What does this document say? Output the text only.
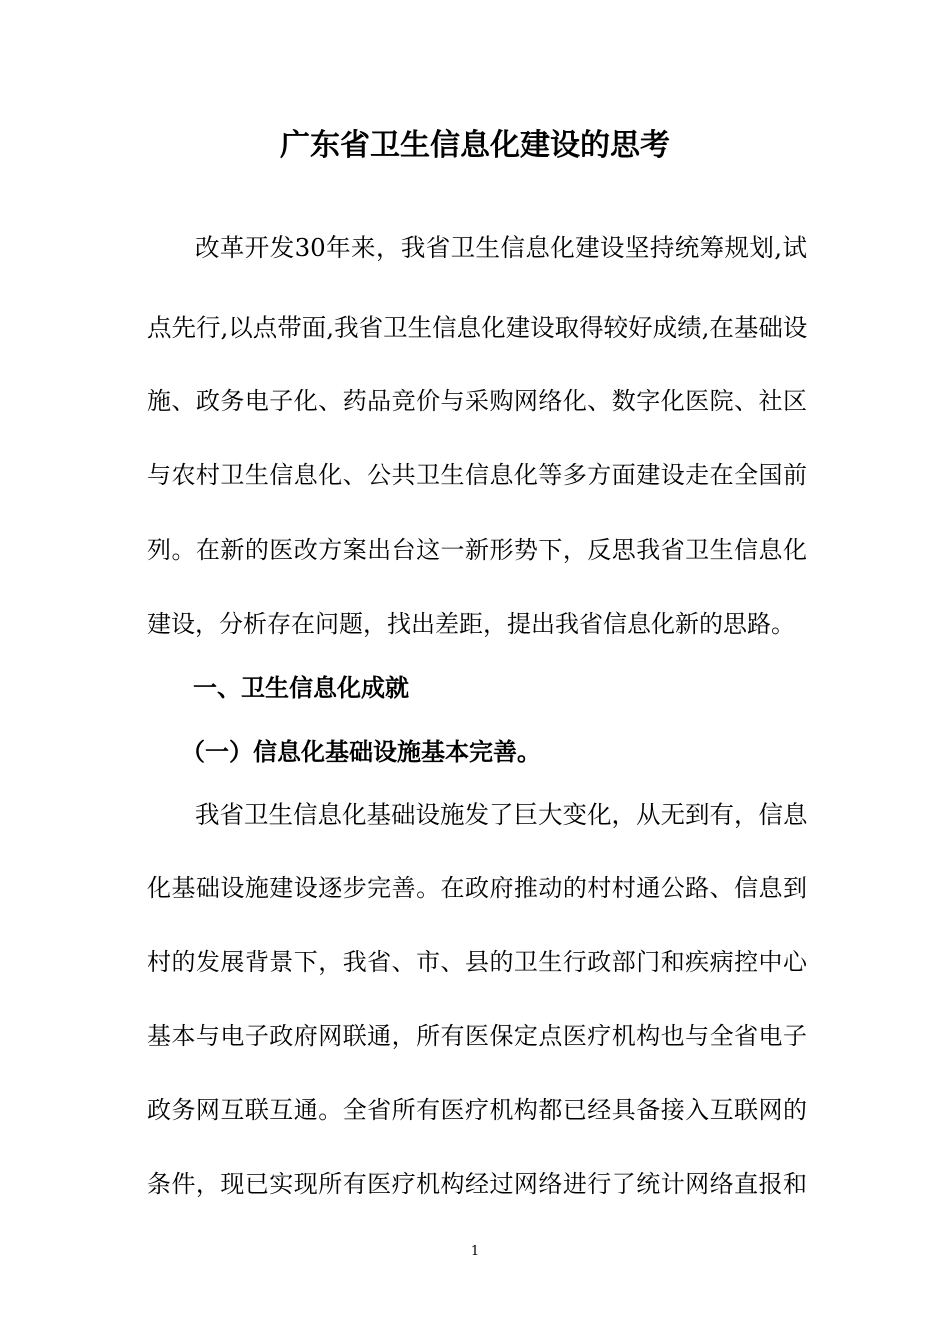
广东省卫生信息化建设的思考
改革开发30年来，我省卫生信息化建设坚持统筹规划,试
点先行,以点带面,我省卫生信息化建设取得较好成绩,在基础设
施、政务电子化、药品竞价与采购网络化、数字化医院、社区
与农村卫生信息化、公共卫生信息化等多方面建设走在全国前
列。在新的医改方案出台这一新形势下，反思我省卫生信息化
建设，分析存在问题，找出差距，提出我省信息化新的思路。
一、卫生信息化成就
（一）信息化基础设施基本完善。
我省卫生信息化基础设施发了巨大变化，从无到有，信息
化基础设施建设逐步完善。在政府推动的村村通公路、信息到
村的发展背景下，我省、市、县的卫生行政部门和疾病控中心
基本与电子政府网联通，所有医保定点医疗机构也与全省电子
政务网互联互通。全省所有医疗机构都已经具备接入互联网的
条件，现已实现所有医疗机构经过网络进行了统计网络直报和
1
